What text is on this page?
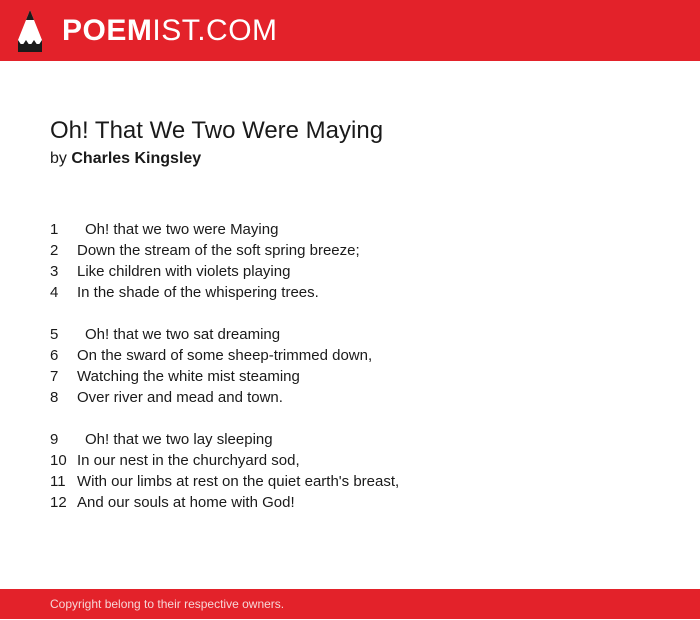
POEMIST.COM
Oh! That We Two Were Maying
by Charles Kingsley
1	Oh! that we two were Maying
2	Down the stream of the soft spring breeze;
3	Like children with violets playing
4	In the shade of the whispering trees.
5	Oh! that we two sat dreaming
6	On the sward of some sheep-trimmed down,
7	Watching the white mist steaming
8	Over river and mead and town.
9	Oh! that we two lay sleeping
10 In our nest in the churchyard sod,
11 With our limbs at rest on the quiet earth's breast,
12 And our souls at home with God!
Copyright belong to their respective owners.
